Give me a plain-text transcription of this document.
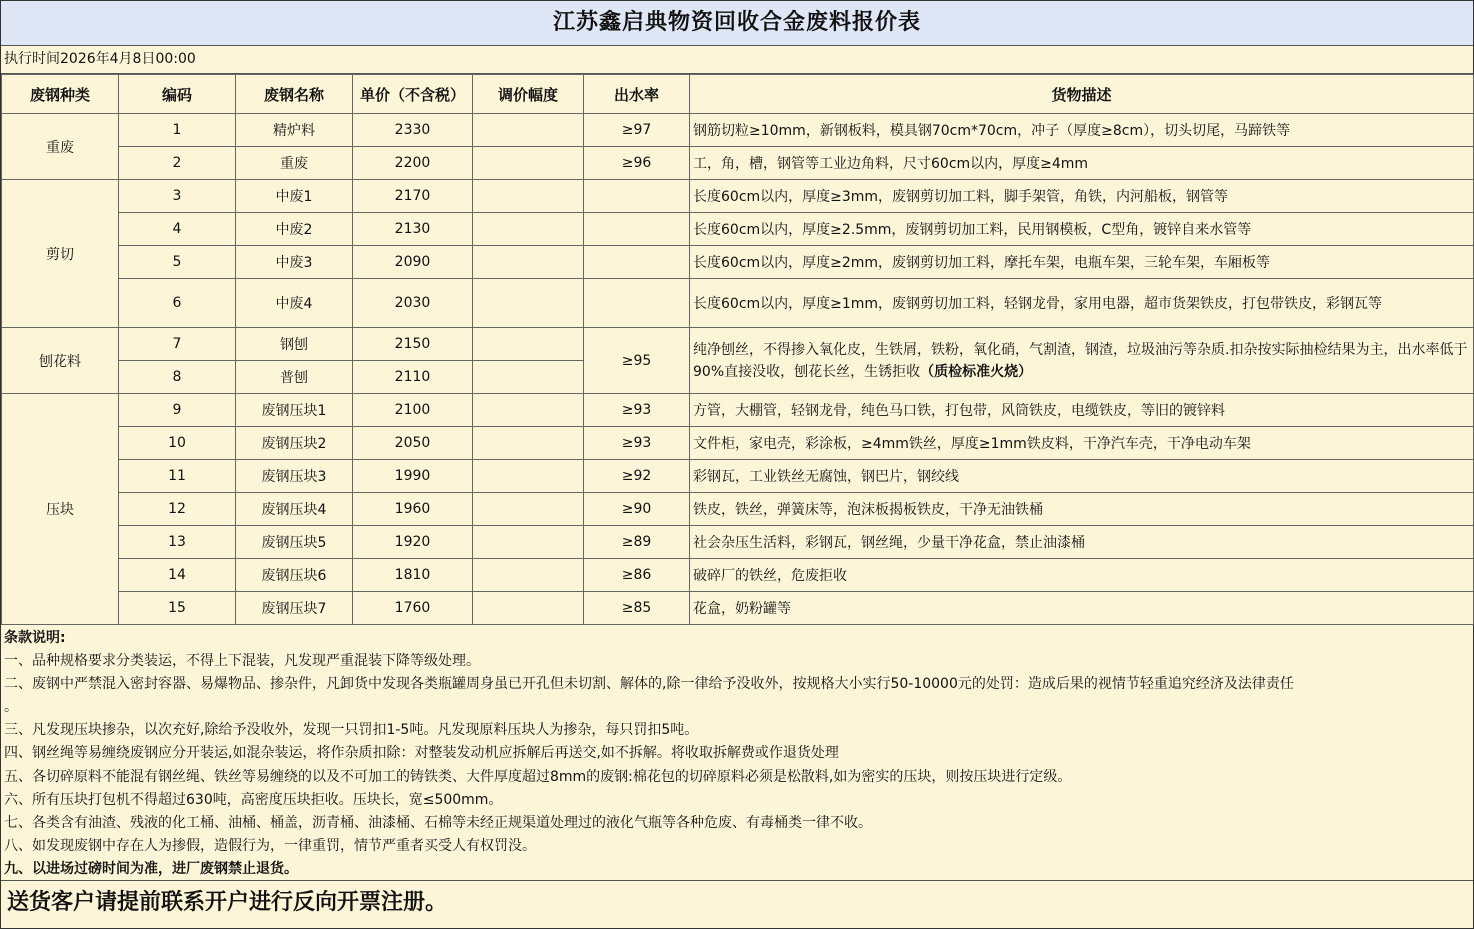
江苏鑫启典物资回收合金废料报价表
执行时间2026年4月8日00:00
废钢种类	编码	废钢名称	单价（不含税）	调价幅度	出水率	货物描述
重废	1	精炉料	2330		≥97	钢筋切粒≥10mm，新钢板料，模具钢70cm*70cm，冲子（厚度≥8cm），切头切尾，马蹄铁等
	2	重废	2200		≥96	工，角，槽，钢管等工业边角料，尺寸60cm以内，厚度≥4mm
剪切	3	中废1	2170			长度60cm以内，厚度≥3mm，废钢剪切加工料，脚手架管，角铁，内河船板，钢管等
	4	中废2	2130			长度60cm以内，厚度≥2.5mm，废钢剪切加工料，民用钢模板，C型角，镀锌自来水管等
	5	中废3	2090			长度60cm以内，厚度≥2mm，废钢剪切加工料，摩托车架，电瓶车架，三轮车架，车厢板等
	6	中废4	2030			长度60cm以内，厚度≥1mm，废钢剪切加工料，轻钢龙骨，家用电器，超市货架铁皮，打包带铁皮，彩钢瓦等
刨花料	7	钢刨	2150		≥95	纯净刨丝，不得掺入氧化皮，生铁屑，铁粉，氧化硝，气割渣，钢渣，垃圾油污等杂质.扣杂按实际抽检结果为主，出水率低于90%直接没收，刨花长丝，生锈拒收（质检标准火烧）
	8	普刨	2110			
压块	9	废钢压块1	2100		≥93	方管，大棚管，轻钢龙骨，纯色马口铁，打包带，风筒铁皮，电缆铁皮，等旧的镀锌料
	10	废钢压块2	2050		≥93	文件柜，家电壳，彩涂板，≥4mm铁丝，厚度≥1mm铁皮料，干净汽车壳，干净电动车架
	11	废钢压块3	1990		≥92	彩钢瓦，工业铁丝无腐蚀，钢巴片，钢绞线
	12	废钢压块4	1960		≥90	铁皮，铁丝，弹簧床等，泡沫板揭板铁皮，干净无油铁桶
	13	废钢压块5	1920		≥89	社会杂压生活料，彩钢瓦，钢丝绳，少量干净花盒，禁止油漆桶
	14	废钢压块6	1810		≥86	破碎厂的铁丝，危废拒收
	15	废钢压块7	1760		≥85	花盒，奶粉罐等
条款说明:
一、品种规格要求分类装运，不得上下混装，凡发现严重混装下降等级处理。
二、废钢中严禁混入密封容器、易爆物品、掺杂件，凡卸货中发现各类瓶罐周身虽已开孔但未切割、解体的,除一律给予没收外，按规格大小实行50-10000元的处罚：造成后果的视情节轻重追究经济及法律责任
。
三、凡发现压块掺杂，以次充好,除给予没收外，发现一只罚扣1-5吨。凡发现原料压块人为掺杂，每只罚扣5吨。
四、钢丝绳等易缠绕废钢应分开装运,如混杂装运，将作杂质扣除：对整装发动机应拆解后再送交,如不拆解。将收取拆解费或作退货处理
五、各切碎原料不能混有钢丝绳、铁丝等易缠绕的以及不可加工的铸铁类、大件厚度超过8mm的废钢:棉花包的切碎原料必须是松散料,如为密实的压块，则按压块进行定级。
六、所有压块打包机不得超过630吨，高密度压块拒收。压块长，宽≤500mm。
七、各类含有油渣、残液的化工桶、油桶、桶盖，沥青桶、油漆桶、石棉等未经正规渠道处理过的液化气瓶等各种危废、有毒桶类一律不收。
八、如发现废钢中存在人为掺假，造假行为，一律重罚，情节严重者买受人有权罚没。
九、以进场过磅时间为准，进厂废钢禁止退货。
送货客户请提前联系开户进行反向开票注册。
